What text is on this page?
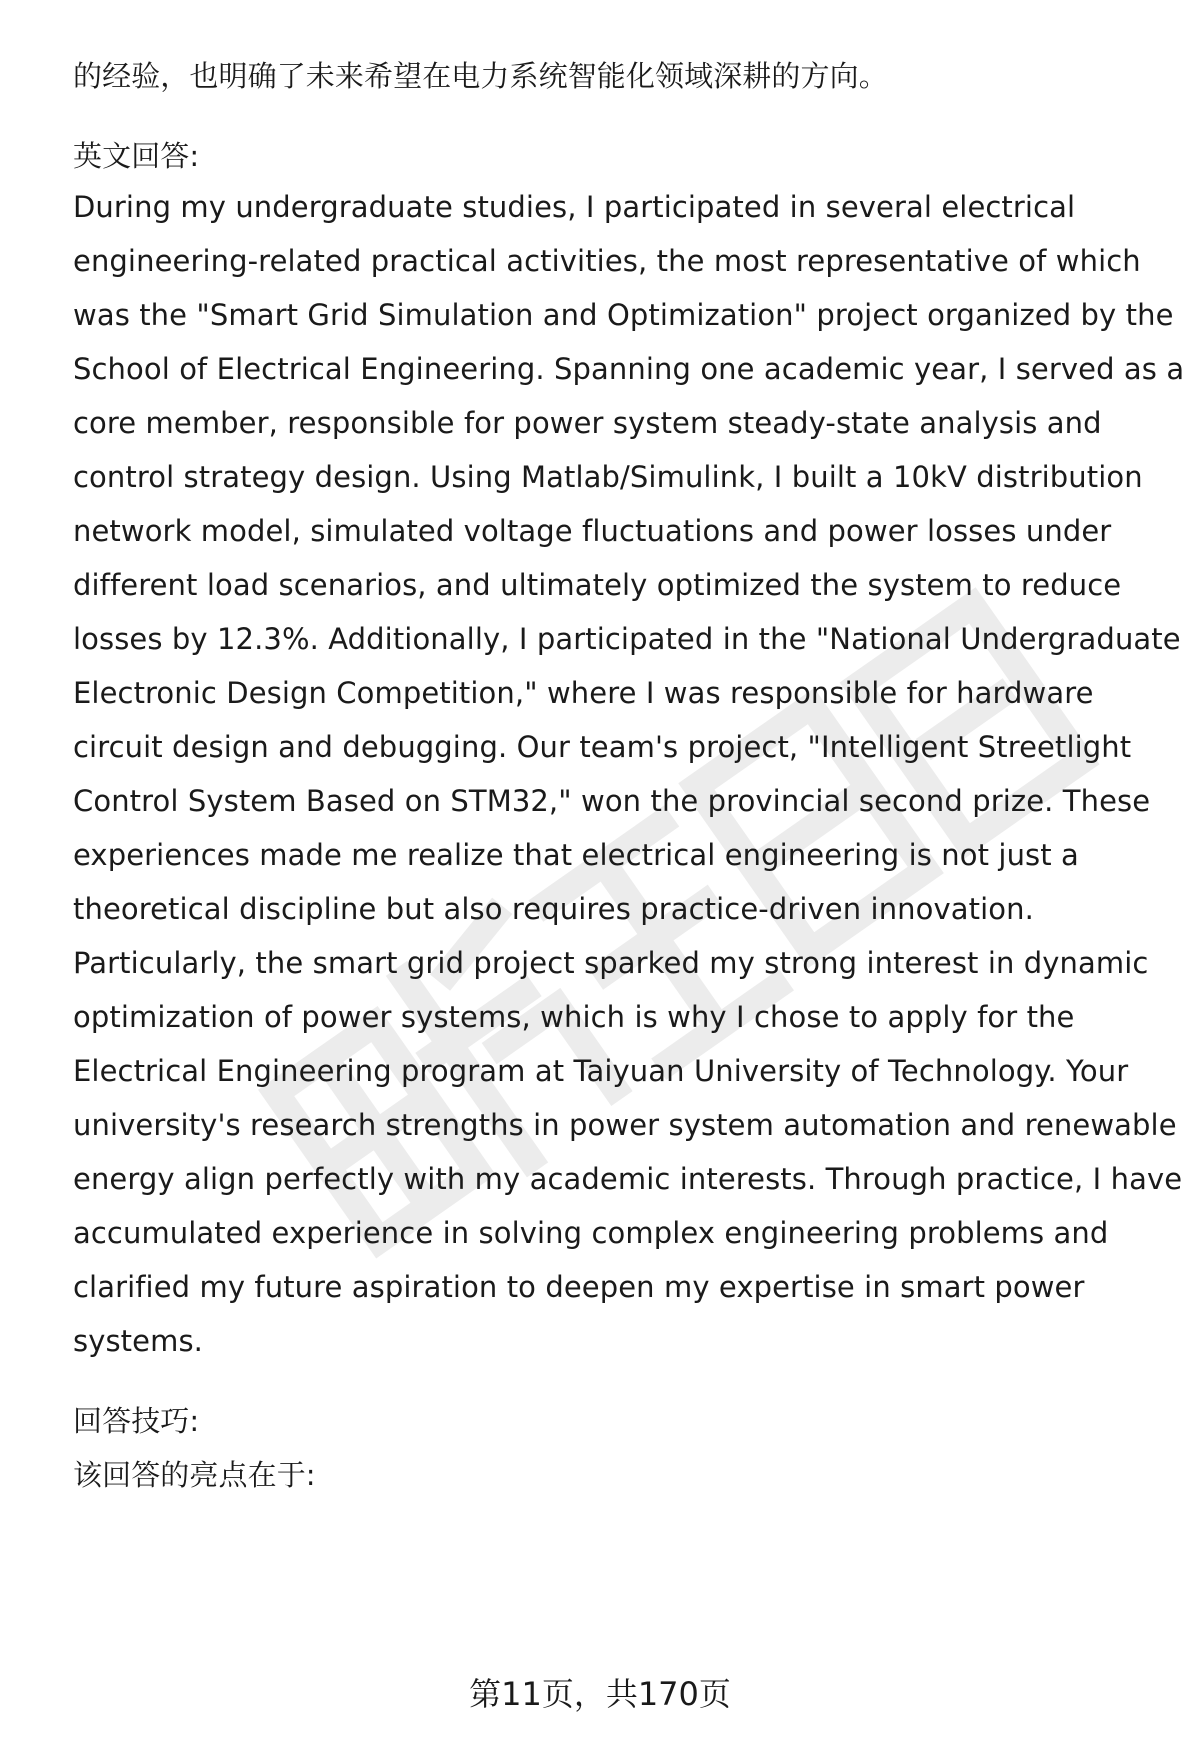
的经验，也明确了未来希望在电力系统智能化领域深耕的方向。
英文回答:
During my undergraduate studies, I participated in several electrical
engineering-related practical activities, the most representative of which
was the "Smart Grid Simulation and Optimization" project organized by the
School of Electrical Engineering. Spanning one academic year, I served as a
core member, responsible for power system steady-state analysis and
control strategy design. Using Matlab/Simulink, I built a 10kV distribution
network model, simulated voltage fluctuations and power losses under
different load scenarios, and ultimately optimized the system to reduce
losses by 12.3%. Additionally, I participated in the "National Undergraduate
Electronic Design Competition," where I was responsible for hardware
circuit design and debugging. Our team's project, "Intelligent Streetlight
Control System Based on STM32," won the provincial second prize. These
experiences made me realize that electrical engineering is not just a
theoretical discipline but also requires practice-driven innovation.
Particularly, the smart grid project sparked my strong interest in dynamic
optimization of power systems, which is why I chose to apply for the
Electrical Engineering program at Taiyuan University of Technology. Your
university's research strengths in power system automation and renewable
energy align perfectly with my academic interests. Through practice, I have
accumulated experience in solving complex engineering problems and
clarified my future aspiration to deepen my expertise in smart power
systems.
回答技巧:
该回答的亮点在于:
第11页，共170页
